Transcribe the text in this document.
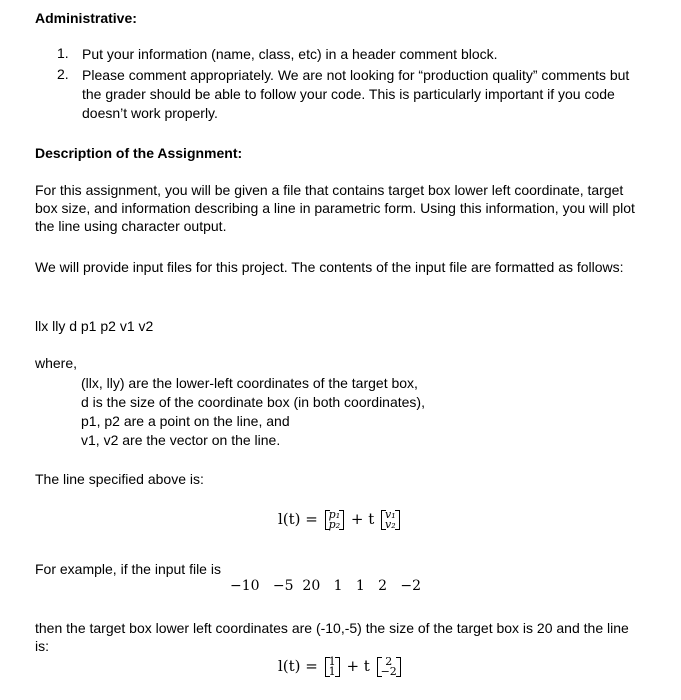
Administrative:
1. Put your information (name, class, etc) in a header comment block.
2. Please comment appropriately. We are not looking for “production quality” comments but the grader should be able to follow your code. This is particularly important if you code doesn’t work properly.
Description of the Assignment:
For this assignment, you will be given a file that contains target box lower left coordinate, target box size, and information describing a line in parametric form. Using this information, you will plot the line using character output.
We will provide input files for this project. The contents of the input file are formatted as follows:
llx lly d p1 p2 v1 v2
where,
(llx, lly) are the lower-left coordinates of the target box,
d is the size of the coordinate box (in both coordinates),
p1, p2 are a point on the line, and
v1, v2 are the vector on the line.
The line specified above is:
l(t) = p₁
p₂ + t v₁
v₂
For example, if the input file is
−10   −5  20   1   1   2   −2
then the target box lower left coordinates are (-10,-5) the size of the target box is 20 and the line is:
l(t) = 1
1 + t	2
−2
